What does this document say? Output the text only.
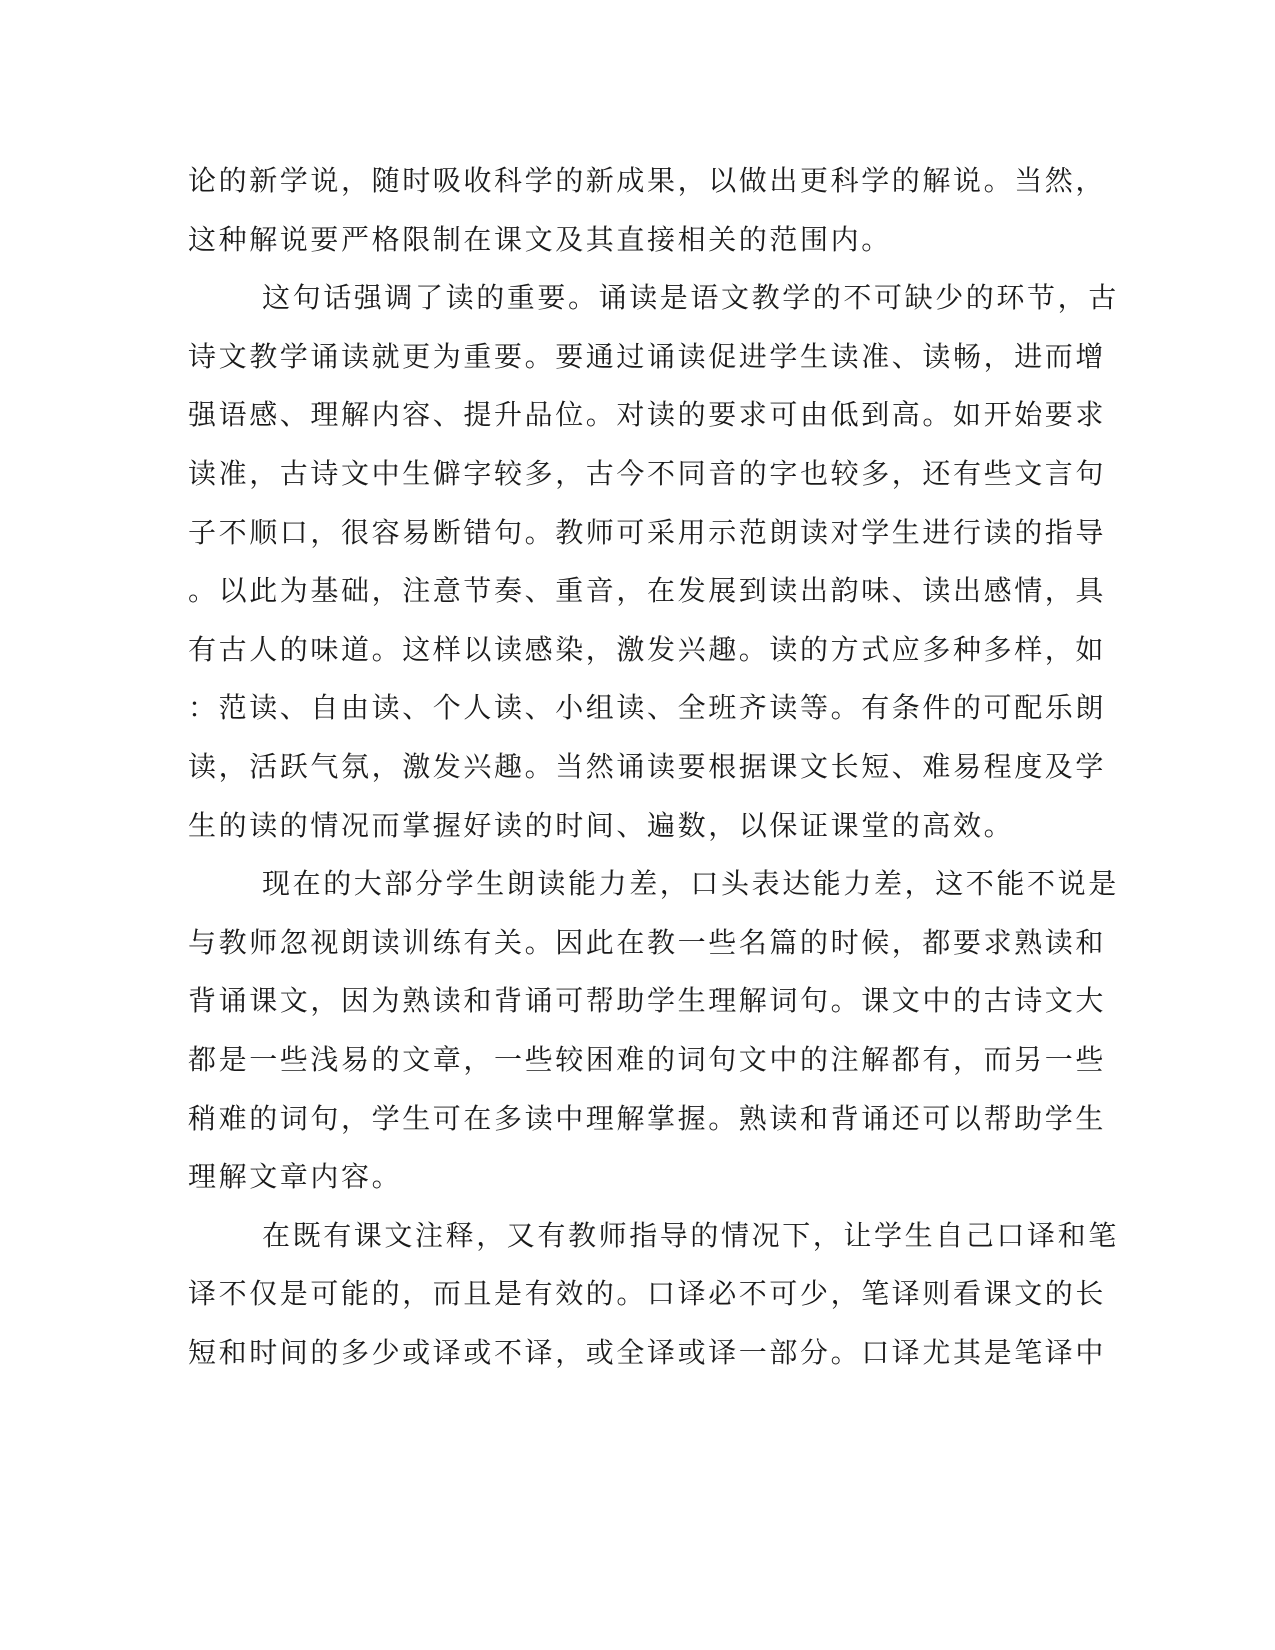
论的新学说，随时吸收科学的新成果，以做出更科学的解说。当然，
这种解说要严格限制在课文及其直接相关的范围内。
这句话强调了读的重要。诵读是语文教学的不可缺少的环节，古
诗文教学诵读就更为重要。要通过诵读促进学生读准、读畅，进而增
强语感、理解内容、提升品位。对读的要求可由低到高。如开始要求
读准，古诗文中生僻字较多，古今不同音的字也较多，还有些文言句
子不顺口，很容易断错句。教师可采用示范朗读对学生进行读的指导
。以此为基础，注意节奏、重音，在发展到读出韵味、读出感情，具
有古人的味道。这样以读感染，激发兴趣。读的方式应多种多样，如
：范读、自由读、个人读、小组读、全班齐读等。有条件的可配乐朗
读，活跃气氛，激发兴趣。当然诵读要根据课文长短、难易程度及学
生的读的情况而掌握好读的时间、遍数，以保证课堂的高效。
现在的大部分学生朗读能力差，口头表达能力差，这不能不说是
与教师忽视朗读训练有关。因此在教一些名篇的时候，都要求熟读和
背诵课文，因为熟读和背诵可帮助学生理解词句。课文中的古诗文大
都是一些浅易的文章，一些较困难的词句文中的注解都有，而另一些
稍难的词句，学生可在多读中理解掌握。熟读和背诵还可以帮助学生
理解文章内容。
在既有课文注释，又有教师指导的情况下，让学生自己口译和笔
译不仅是可能的，而且是有效的。口译必不可少，笔译则看课文的长
短和时间的多少或译或不译，或全译或译一部分。口译尤其是笔译中
